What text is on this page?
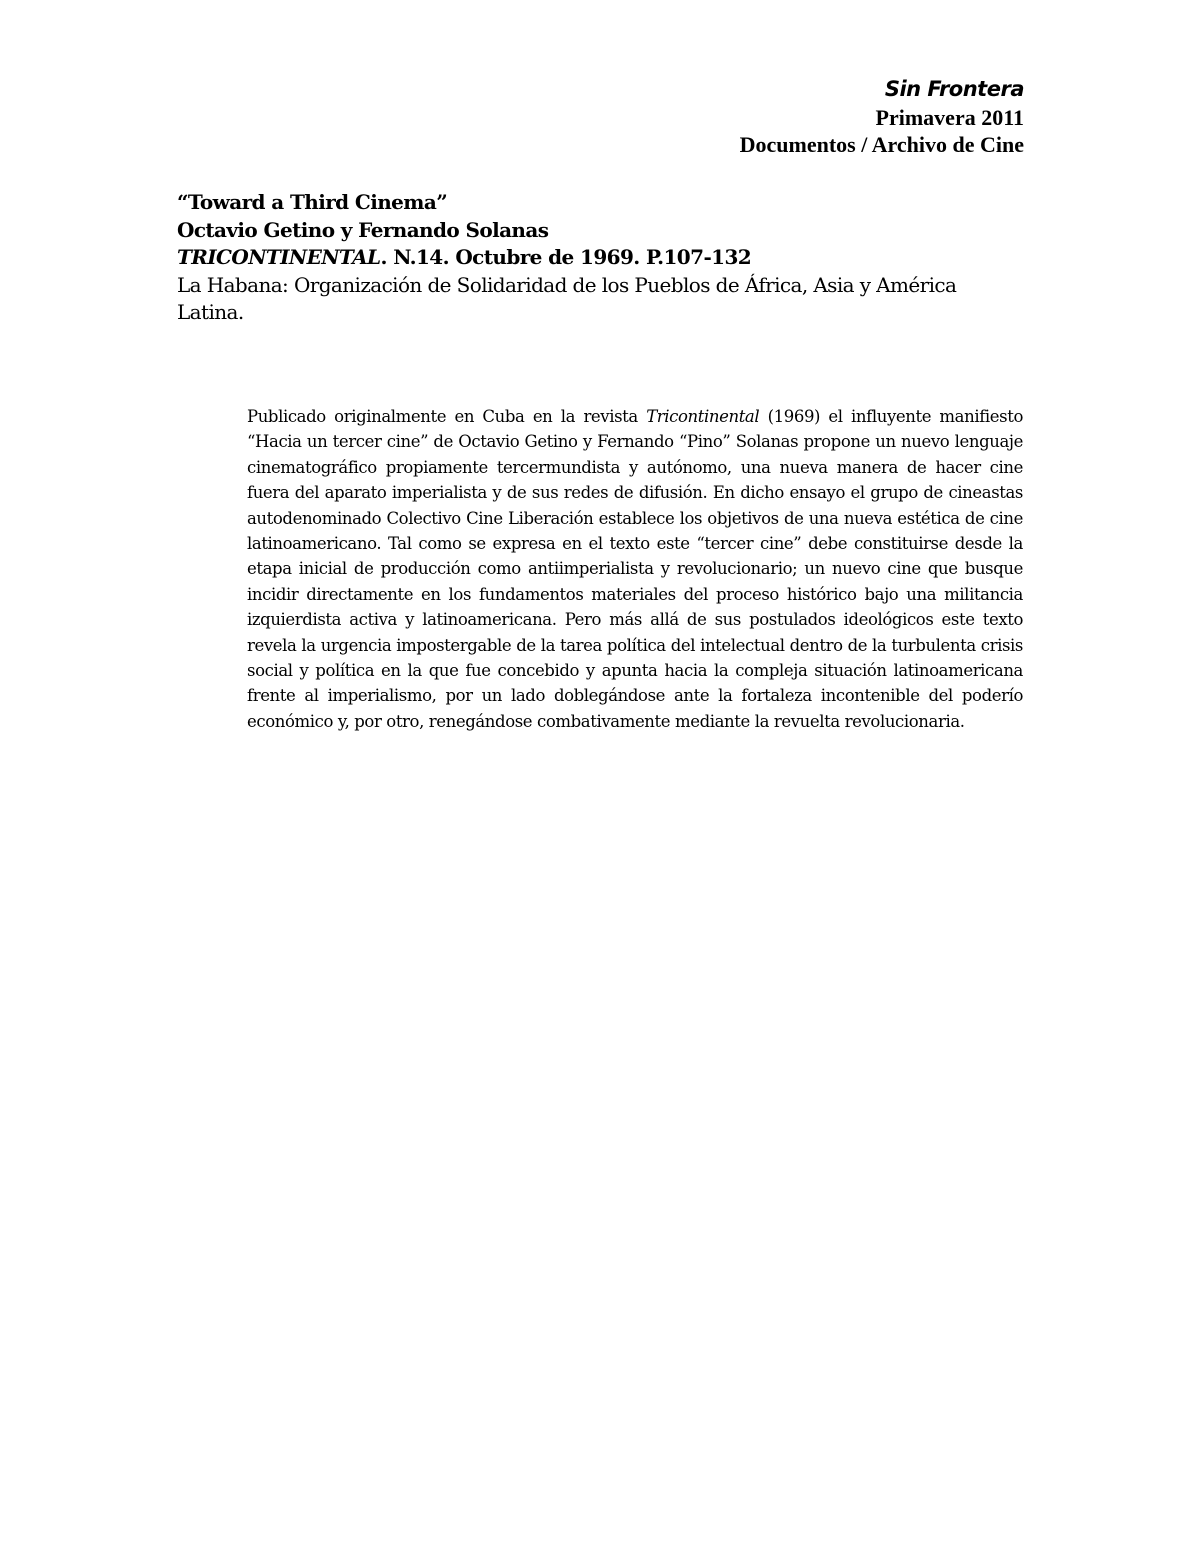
Sin Frontera
Primavera 2011
Documentos / Archivo de Cine
“Toward a Third Cinema”
Octavio Getino y Fernando Solanas
TRICONTINENTAL. N.14. Octubre de 1969. P.107-132
La Habana: Organización de Solidaridad de los Pueblos de África, Asia y América Latina.
Publicado originalmente en Cuba en la revista Tricontinental (1969) el influyente manifiesto “Hacia un tercer cine” de Octavio Getino y Fernando “Pino” Solanas propone un nuevo lenguaje cinematográfico propiamente tercermundista y autónomo, una nueva manera de hacer cine fuera del aparato imperialista y de sus redes de difusión. En dicho ensayo el grupo de cineastas autodenominado Colectivo Cine Liberación establece los objetivos de una nueva estética de cine latinoamericano. Tal como se expresa en el texto este “tercer cine” debe constituirse desde la etapa inicial de producción como antiimperialista y revolucionario; un nuevo cine que busque incidir directamente en los fundamentos materiales del proceso histórico bajo una militancia izquierdista activa y latinoamericana. Pero más allá de sus postulados ideológicos este texto revela la urgencia impostergable de la tarea política del intelectual dentro de la turbulenta crisis social y política en la que fue concebido y apunta hacia la compleja situación latinoamericana frente al imperialismo, por un lado doblegándose ante la fortaleza incontenible del poderío económico y, por otro, renegándose combativamente mediante la revuelta revolucionaria.
